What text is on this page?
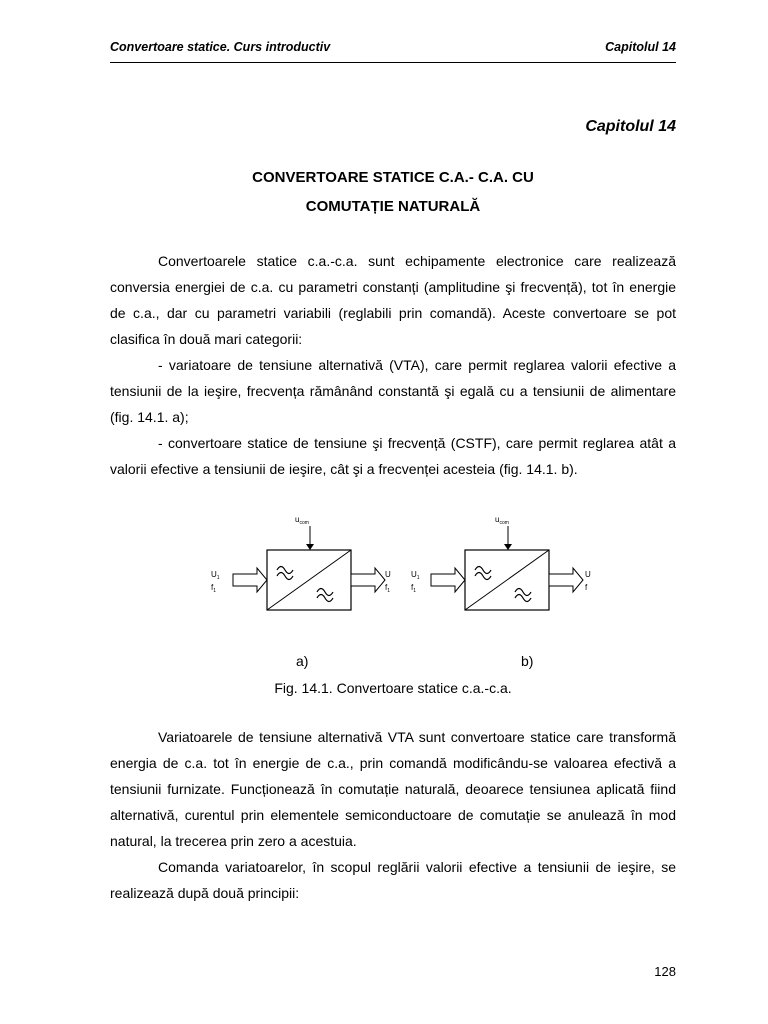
Convertoare statice. Curs introductiv	Capitolul 14
Capitolul 14
CONVERTOARE STATICE C.A.- C.A. CU
COMUTAȚIE NATURALĂ

Convertoarele statice c.a.-c.a. sunt echipamente electronice care realizează conversia energiei de c.a. cu parametri constanți (amplitudine şi frecvență), tot în energie de c.a., dar cu parametri variabili (reglabili prin comandă). Aceste convertoare se pot clasifica în două mari categorii:

- variatoare de tensiune alternativă (VTA), care permit reglarea valorii efective a tensiunii de la ieşire, frecvența rămânând constantă şi egală cu a tensiunii de alimentare (fig. 14.1. a);

- convertoare statice de tensiune şi frecvență (CSTF), care permit reglarea atât a valorii efective a tensiunii de ieşire, cât şi a frecvenței acesteia (fig. 14.1. b).

$u_{com}$
$U_1$
$f_1$
U
$f_1$
$u_{com}$
$U_1$
$f_1$
U
f
a)	b)
Fig. 14.1. Convertoare statice c.a.-c.a.

Variatoarele de tensiune alternativă VTA sunt convertoare statice care transformă energia de c.a. tot în energie de c.a., prin comandă modificându-se valoarea efectivă a tensiunii furnizate. Funcționează în comutație naturală, deoarece tensiunea aplicată fiind alternativă, curentul prin elementele semiconductoare de comutație se anulează în mod natural, la trecerea prin zero a acestuia.

Comanda variatoarelor, în scopul reglării valorii efective a tensiunii de ieşire, se realizează după două principii:

128
